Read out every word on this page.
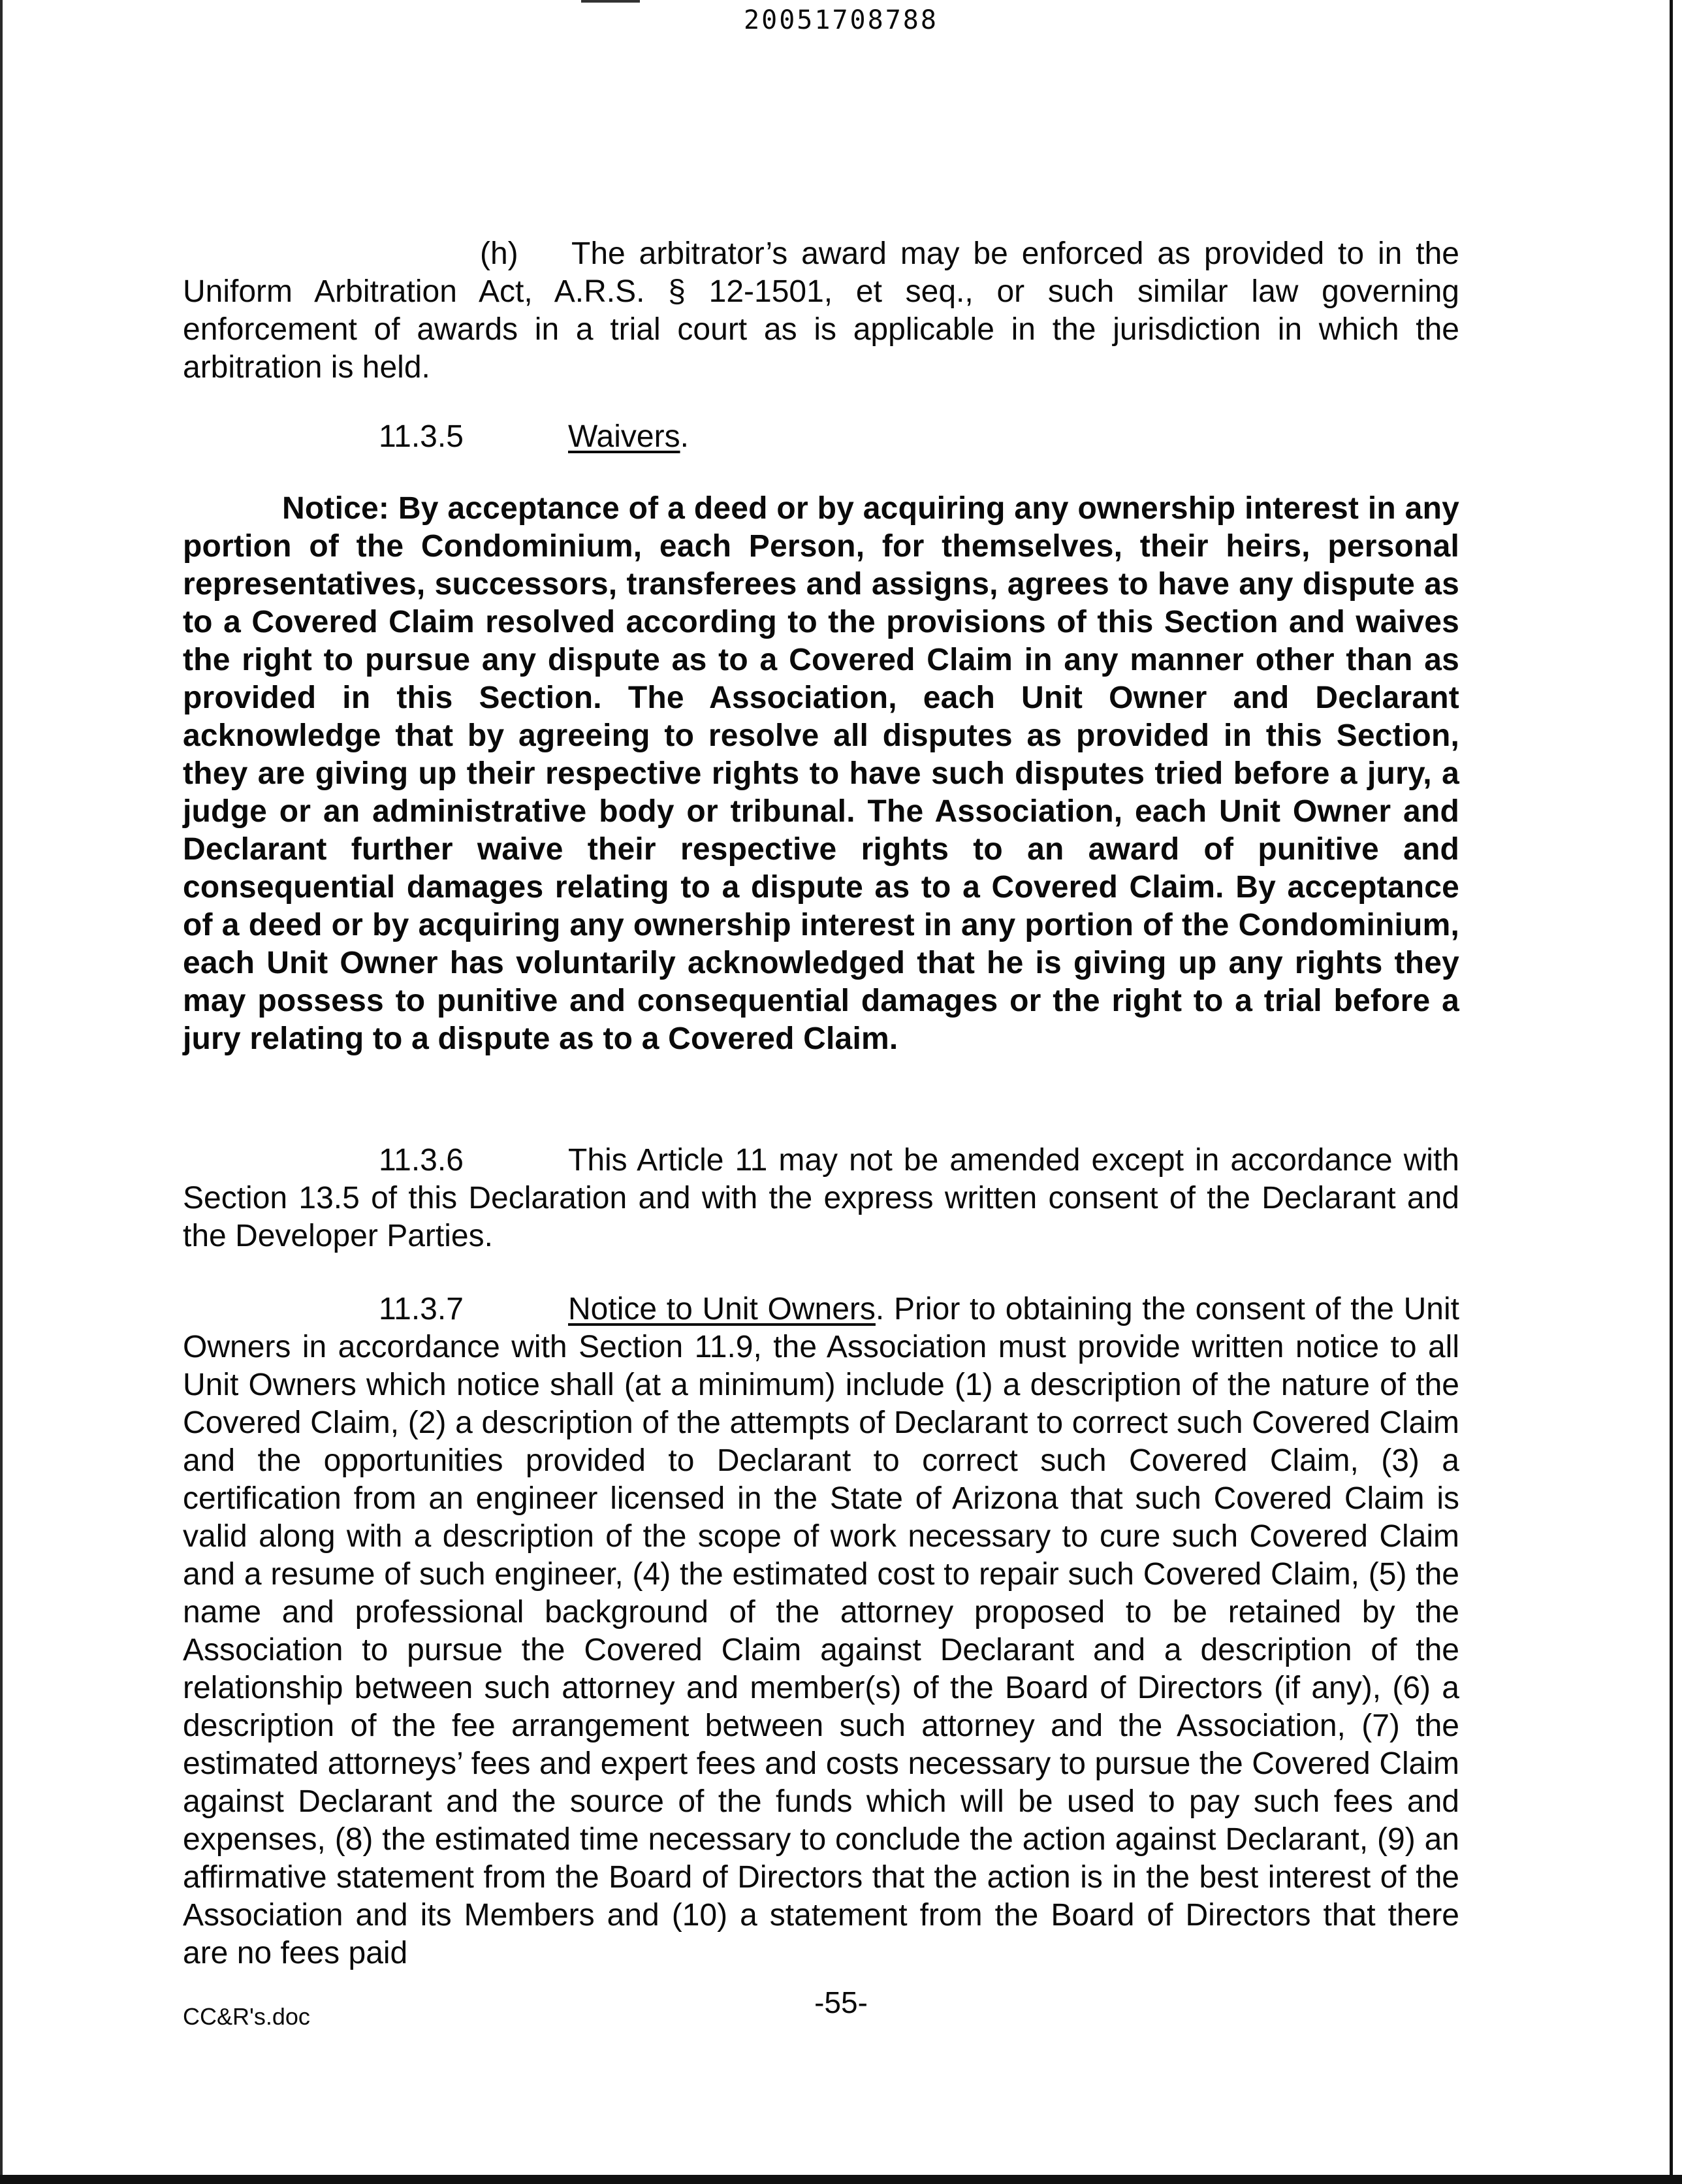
20051708788

(h) The arbitrator’s award may be enforced as provided to in the Uniform Arbitration Act, A.R.S. § 12-1501, et seq., or such similar law governing enforcement of awards in a trial court as is applicable in the jurisdiction in which the arbitration is held.

11.3.5	Waivers.

Notice: By acceptance of a deed or by acquiring any ownership interest in any portion of the Condominium, each Person, for themselves, their heirs, personal representatives, successors, transferees and assigns, agrees to have any dispute as to a Covered Claim resolved according to the provisions of this Section and waives the right to pursue any dispute as to a Covered Claim in any manner other than as provided in this Section. The Association, each Unit Owner and Declarant acknowledge that by agreeing to resolve all disputes as provided in this Section, they are giving up their respective rights to have such disputes tried before a jury, a judge or an administrative body or tribunal. The Association, each Unit Owner and Declarant further waive their respective rights to an award of punitive and consequential damages relating to a dispute as to a Covered Claim. By acceptance of a deed or by acquiring any ownership interest in any portion of the Condominium, each Unit Owner has voluntarily acknowledged that he is giving up any rights they may possess to punitive and consequential damages or the right to a trial before a jury relating to a dispute as to a Covered Claim.

11.3.6	This Article 11 may not be amended except in accordance with Section 13.5 of this Declaration and with the express written consent of the Declarant and the Developer Parties.

11.3.7	Notice to Unit Owners. Prior to obtaining the consent of the Unit Owners in accordance with Section 11.9, the Association must provide written notice to all Unit Owners which notice shall (at a minimum) include (1) a description of the nature of the Covered Claim, (2) a description of the attempts of Declarant to correct such Covered Claim and the opportunities provided to Declarant to correct such Covered Claim, (3) a certification from an engineer licensed in the State of Arizona that such Covered Claim is valid along with a description of the scope of work necessary to cure such Covered Claim and a resume of such engineer, (4) the estimated cost to repair such Covered Claim, (5) the name and professional background of the attorney proposed to be retained by the Association to pursue the Covered Claim against Declarant and a description of the relationship between such attorney and member(s) of the Board of Directors (if any), (6) a description of the fee arrangement between such attorney and the Association, (7) the estimated attorneys’ fees and expert fees and costs necessary to pursue the Covered Claim against Declarant and the source of the funds which will be used to pay such fees and expenses, (8) the estimated time necessary to conclude the action against Declarant, (9) an affirmative statement from the Board of Directors that the action is in the best interest of the Association and its Members and (10) a statement from the Board of Directors that there are no fees paid

-55-
CC&R's.doc
